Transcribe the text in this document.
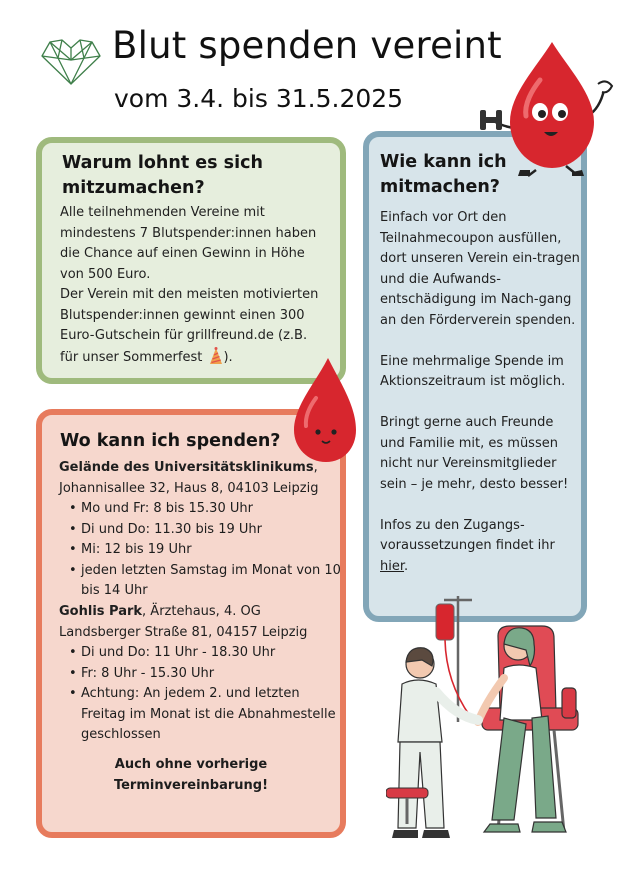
Blut spenden vereint
vom 3.4. bis 31.5.2025
Warum lohnt es sich
mitzumachen?
Alle teilnehmenden Vereine mit
mindestens 7 Blutspender:innen haben
die Chance auf einen Gewinn in Höhe
von 500 Euro.
Der Verein mit den meisten motivierten
Blutspender:innen gewinnt einen 300
Euro-Gutschein für grillfreund.de (z.B.
für unser Sommerfest ).
Wie kann ich
mitmachen?
Einfach vor Ort den Teilnahmecoupon ausfüllen, dort unseren Verein ein-tragen und die Aufwands-entschädigung im Nach-gang an den Förderverein spenden.
Eine mehrmalige Spende im Aktionszeitraum ist möglich.
Bringt gerne auch Freunde und Familie mit, es müssen nicht nur Vereinsmitglieder sein – je mehr, desto besser!
Infos zu den Zugangs-voraussetzungen findet ihr hier.
Wo kann ich spenden?
Gelände des Universitätsklinikums,
Johannisallee 32, Haus 8, 04103 Leipzig
• Mo und Fr: 8 bis 15.30 Uhr
• Di und Do: 11.30 bis 19 Uhr
• Mi: 12 bis 19 Uhr
• jeden letzten Samstag im Monat von 10 bis 14 Uhr
Gohlis Park, Ärztehaus, 4. OG
Landsberger Straße 81, 04157 Leipzig
• Di und Do: 11 Uhr - 18.30 Uhr
• Fr: 8 Uhr - 15.30 Uhr
• Achtung: An jedem 2. und letzten Freitag im Monat ist die Abnahmestelle geschlossen
Auch ohne vorherige
Terminvereinbarung!
